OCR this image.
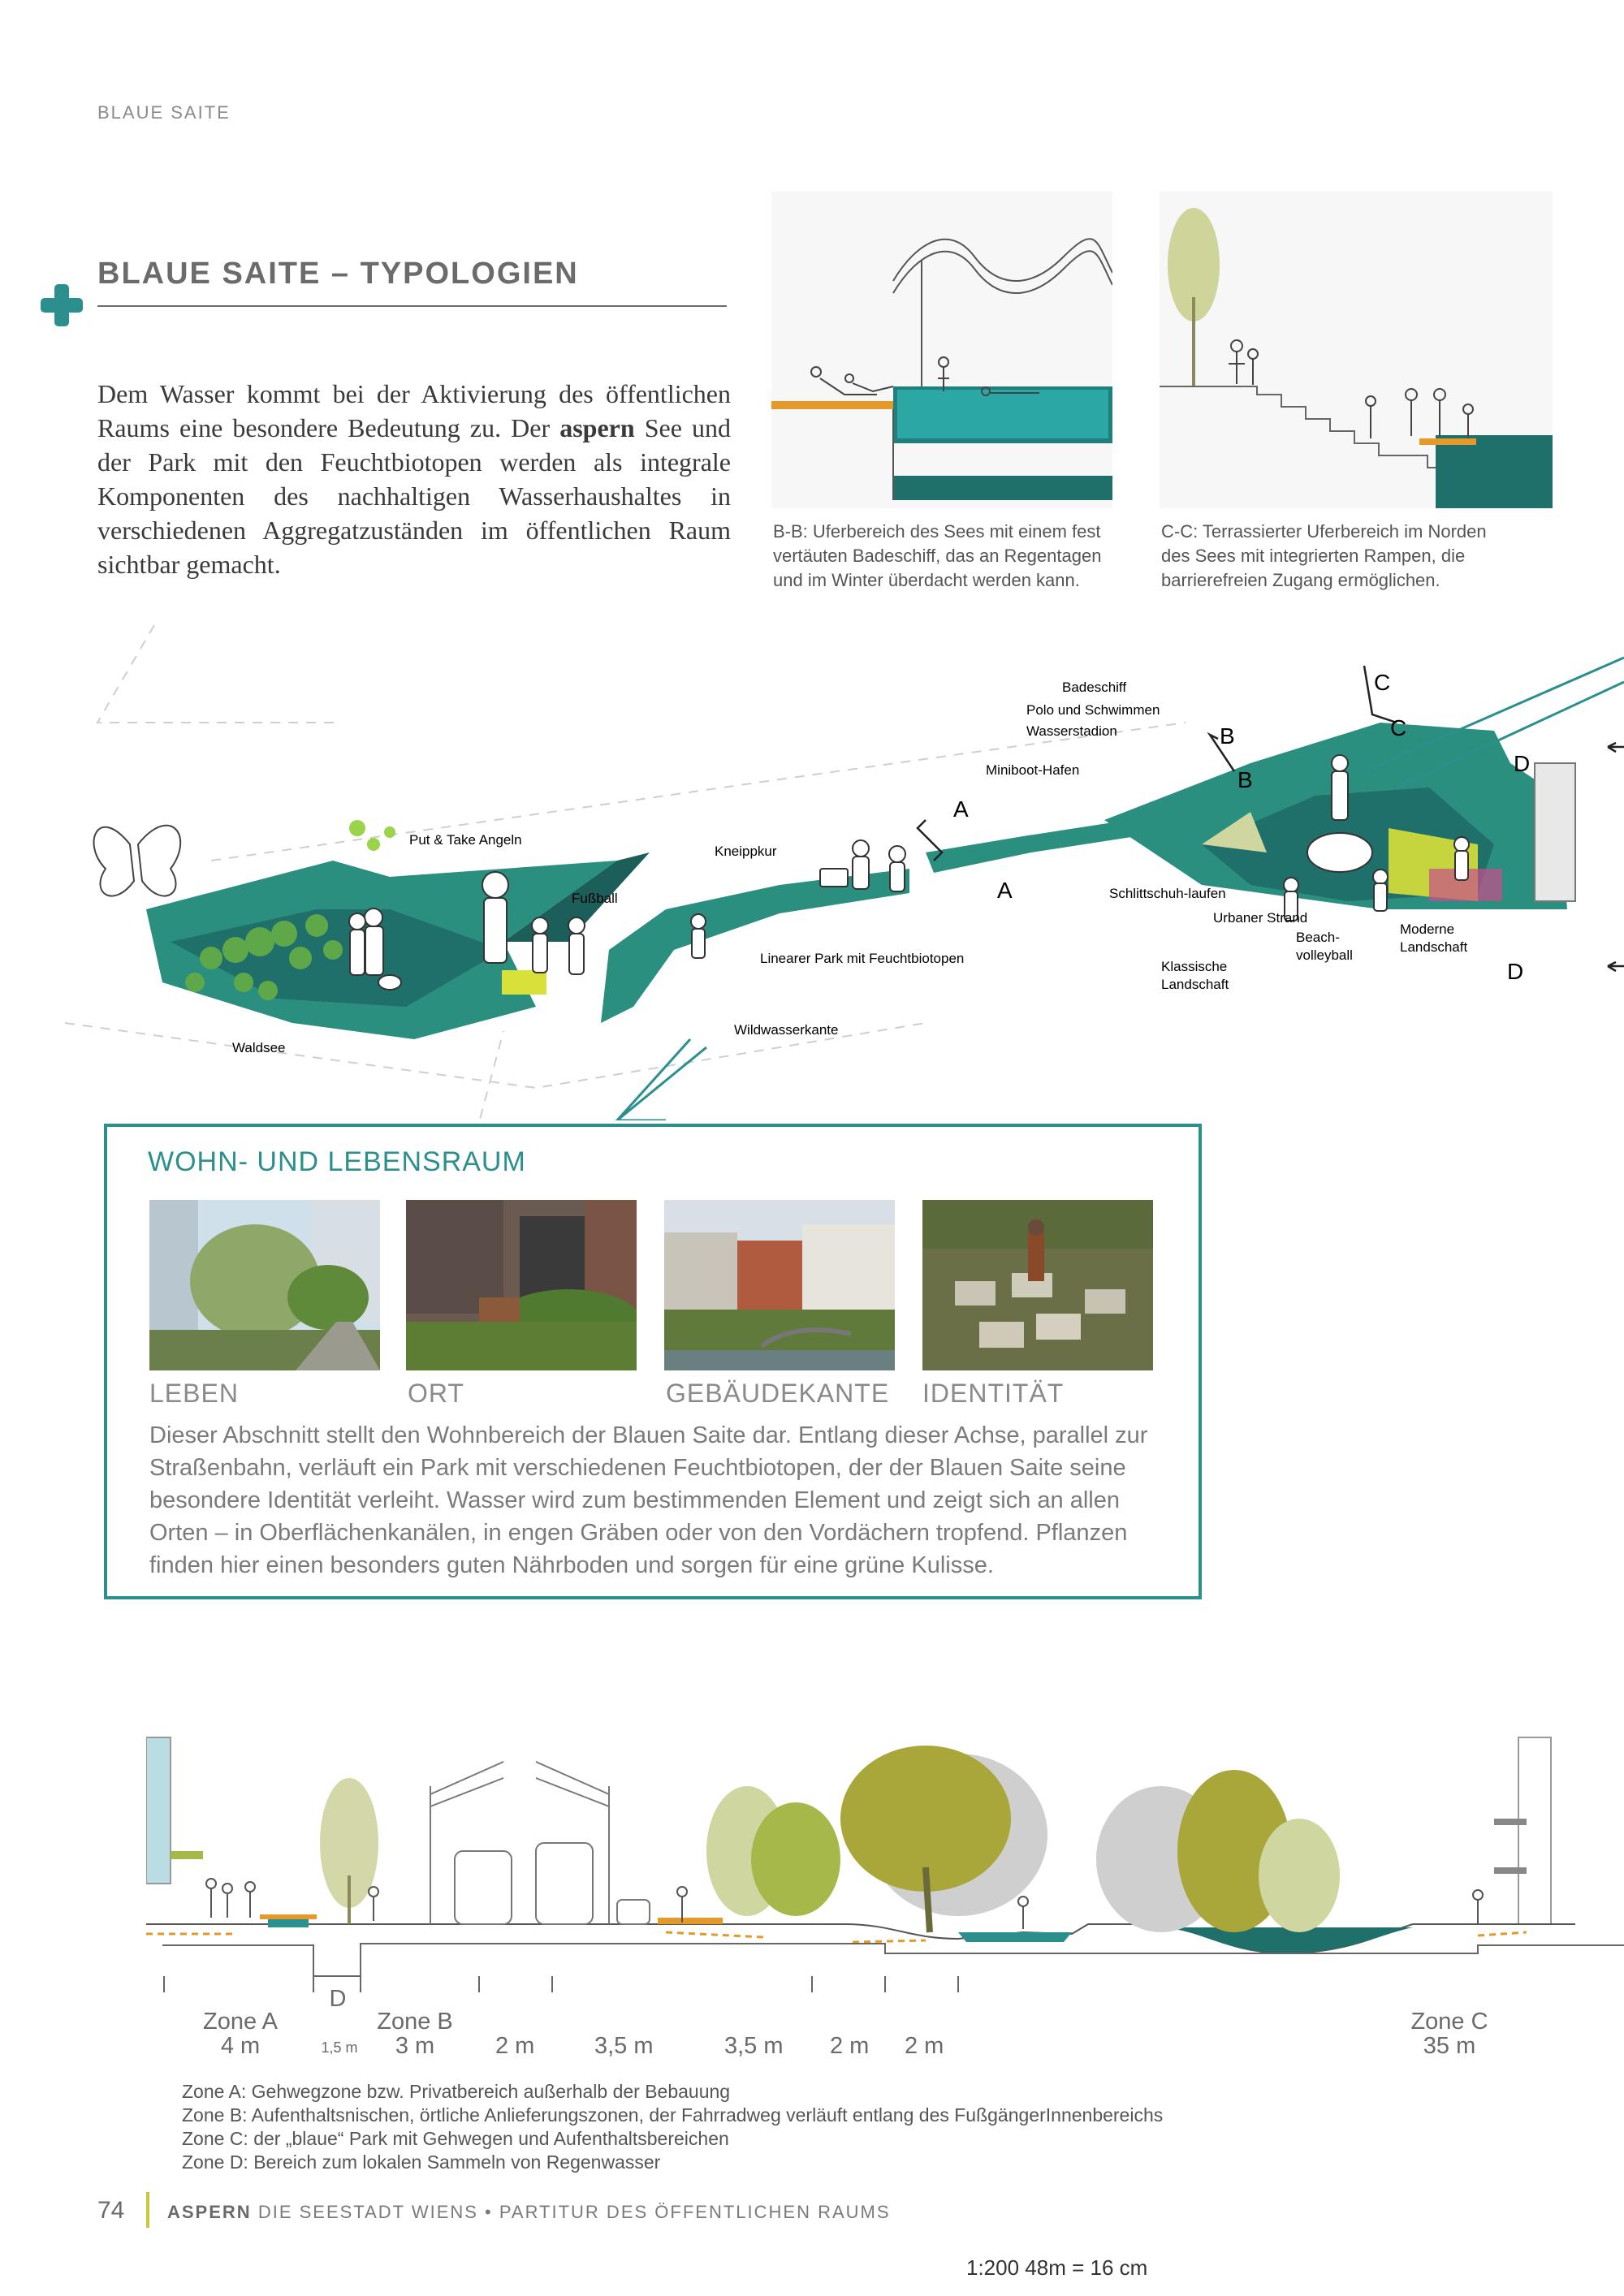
BLAUE SAITE
BLAUE SAITE – TYPOLOGIEN
Dem Wasser kommt bei der Aktivierung des öffentlichen Raums eine besondere Bedeutung zu. Der aspern See und der Park mit den Feuchtbiotopen werden als integrale Komponenten des nachhaltigen Wasserhaushaltes in verschiedenen Aggregatzuständen im öffentlichen Raum sichtbar gemacht.
B-B: Uferbereich des Sees mit einem fest vertäuten Badeschiff, das an Regentagen und im Winter überdacht werden kann.
C-C: Terrassierter Uferbereich im Norden des Sees mit integrierten Rampen, die barrierefreien Zugang ermöglichen.
Badeschiff
Polo und Schwimmen
Wasserstadion
Miniboot-Hafen
Kneippkur
Put & Take Angeln
Fußball
Linearer Park mit Feuchtbiotopen
Wildwasserkante
Waldsee
Schlittschuh-laufen
Urbaner Strand
Beach-
volleyball
Moderne
Landschaft
Klassische
Landschaft
A
A
B
B
C
C
D
D
WOHN- UND LEBENSRAUM
LEBEN	ORT	GEBÄUDEKANTE IDENTITÄT
Dieser Abschnitt stellt den Wohnbereich der Blauen Saite dar. Entlang dieser Achse, parallel zur Straßenbahn, verläuft ein Park mit verschiedenen Feuchtbiotopen, der der Blauen Saite seine besondere Identität verleiht. Wasser wird zum bestimmenden Element und zeigt sich an allen Orten – in Oberflächenkanälen, in engen Gräben oder von den Vordächern tropfend. Pflanzen finden hier einen besonders guten Nährboden und sorgen für eine grüne Kulisse.
Zone A
4 m
D
1,5 m
Zone B
3 m	2 m	3,5 m	3,5 m 2 m 2 m
Zone C
35 m
Zone A: Gehwegzone bzw. Privatbereich außerhalb der Bebauung
Zone B: Aufenthaltsnischen, örtliche Anlieferungszonen, der Fahrradweg verläuft entlang des FußgängerInnenbereichs
Zone C: der „blaue“ Park mit Gehwegen und Aufenthaltsbereichen
Zone D: Bereich zum lokalen Sammeln von Regenwasser
74 ASPERN DIE SEESTADT WIENS • PARTITUR DES ÖFFENTLICHEN RAUMS
1:200 48m = 16 cm
